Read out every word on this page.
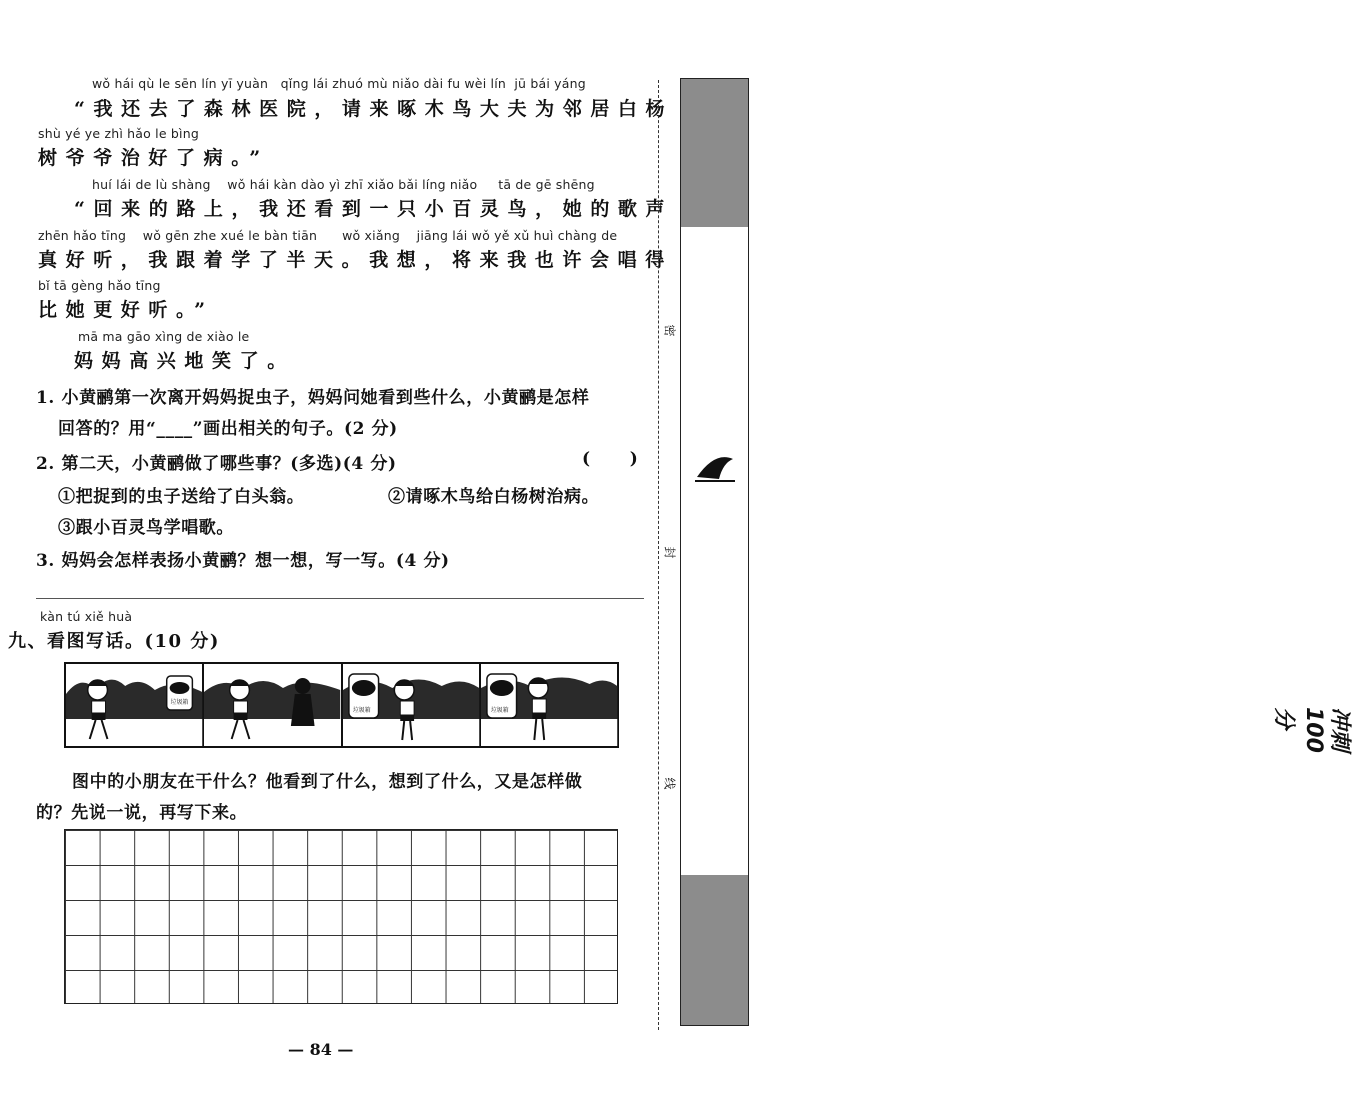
wǒ hái qù le sēn lín yī yuàn   qǐng lái zhuó mù niǎo dài fu wèi lín  jū bái yáng
“我还去了森林医院，请来啄木鸟大夫为邻居白杨
shù yé ye zhì hǎo le bìng
树爷爷治好了病。”
huí lái de lù shàng    wǒ hái kàn dào yì zhī xiǎo bǎi líng niǎo     tā de gē shēng
“回来的路上，我还看到一只小百灵鸟，她的歌声
zhēn hǎo tīng    wǒ gēn zhe xué le bàn tiān      wǒ xiǎng    jiāng lái wǒ yě xǔ huì chàng de
真好听，我跟着学了半天。我想，将来我也许会唱得
bǐ tā gèng hǎo tīng
比她更好听。”
mā ma gāo xìng de xiào le
妈妈高兴地笑了。
1. 小黄鹂第一次离开妈妈捉虫子，妈妈问她看到些什么，小黄鹂是怎样
回答的？用“____”画出相关的句子。(2 分)
2. 第二天，小黄鹂做了哪些事？(多选)(4 分)	(      )
①把捉到的虫子送给了白头翁。	②请啄木鸟给白杨树治病。
③跟小百灵鸟学唱歌。
3. 妈妈会怎样表扬小黄鹂？想一想，写一写。(4 分)
kàn tú xiě huà
九、看图写话。(10 分)
垃圾箱
垃圾箱	垃圾箱
图中的小朋友在干什么？他看到了什么，想到了什么，又是怎样做
的？先说一说，再写下来。
密
封
线
冲刺100分
— 84 —
